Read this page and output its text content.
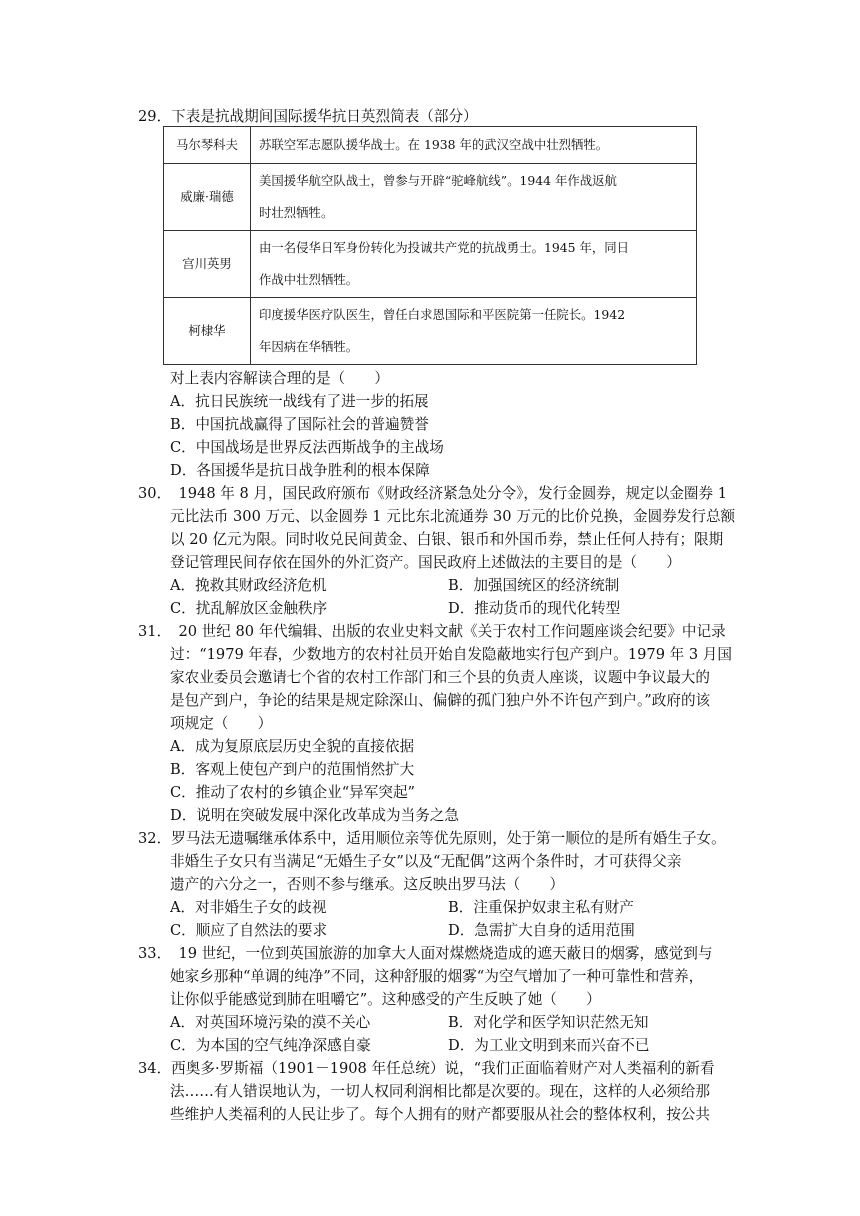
29．下表是抗战期间国际援华抗日英烈简表（部分）
马尔琴科夫	苏联空军志愿队援华战士。在 1938 年的武汉空战中壮烈牺牲。
威廉·瑞德	美国援华航空队战士，曾参与开辟“驼峰航线”。1944 年作战返航
时壮烈牺牲。
宫川英男	由一名侵华日军身份转化为投诚共产党的抗战勇士。1945 年，同日
作战中壮烈牺牲。
柯棣华	印度援华医疗队医生，曾任白求恩国际和平医院第一任院长。1942
年因病在华牺牲。
对上表内容解读合理的是（　　）
A．抗日民族统一战线有了进一步的拓展
B．中国抗战赢得了国际社会的普遍赞誉
C．中国战场是世界反法西斯战争的主战场
D．各国援华是抗日战争胜利的根本保障
30．　1948 年 8 月，国民政府颁布《财政经济紧急处分令》，发行金圆券，规定以金圈券 1
元比法币 300 万元、以金圆券 1 元比东北流通券 30 万元的比价兑换，金圆券发行总额
以 20 亿元为限。同时收兑民间黄金、白银、银币和外国币券，禁止任何人持有；限期
登记管理民间存依在国外的外汇资产。国民政府上述做法的主要目的是（　　）
A．挽救其财政经济危机	B．加强国统区的经济统制
C．扰乱解放区金触秩序	D．推动货币的现代化转型
31．　20 世纪 80 年代编辑、出版的农业史料文献《关于农村工作问题座谈会纪要》中记录
过：“1979 年春，少数地方的农村社员开始自发隐蔽地实行包产到户。1979 年 3 月国
家农业委员会邀请七个省的农村工作部门和三个县的负责人座谈，议题中争议最大的
是包产到户，争论的结果是规定除深山、偏僻的孤门独户外不许包产到户。”政府的该
项规定（　　）
A．成为复原底层历史全貌的直接依据
B．客观上使包产到户的范围悄然扩大
C．推动了农村的乡镇企业“异军突起”
D．说明在突破发展中深化改革成为当务之急
32．罗马法无遗嘱继承体系中，适用顺位亲等优先原则，处于第一顺位的是所有婚生子女。
非婚生子女只有当满足“无婚生子女”以及“无配偶”这两个条件时，才可获得父亲
遗产的六分之一，否则不参与继承。这反映出罗马法（　　）
A．对非婚生子女的歧视	B．注重保护奴隶主私有财产
C．顺应了自然法的要求	D．急需扩大自身的适用范围
33．　19 世纪，一位到英国旅游的加拿大人面对煤燃烧造成的遮天蔽日的烟雾，感觉到与
她家乡那种“单调的纯净”不同，这种舒服的烟雾“为空气增加了一种可靠性和营养，
让你似乎能感觉到肺在咀嚼它”。这种感受的产生反映了她（　　）
A．对英国环境污染的漠不关心	B．对化学和医学知识茫然无知
C．为本国的空气纯净深感自豪	D．为工业文明到来而兴奋不已
34．西奥多·罗斯福（1901－1908 年任总统）说，“我们正面临着财产对人类福利的新看
法……有人错误地认为，一切人权同利润相比都是次要的。现在，这样的人必须给那
些维护人类福利的人民让步了。每个人拥有的财产都要服从社会的整体权利，按公共
